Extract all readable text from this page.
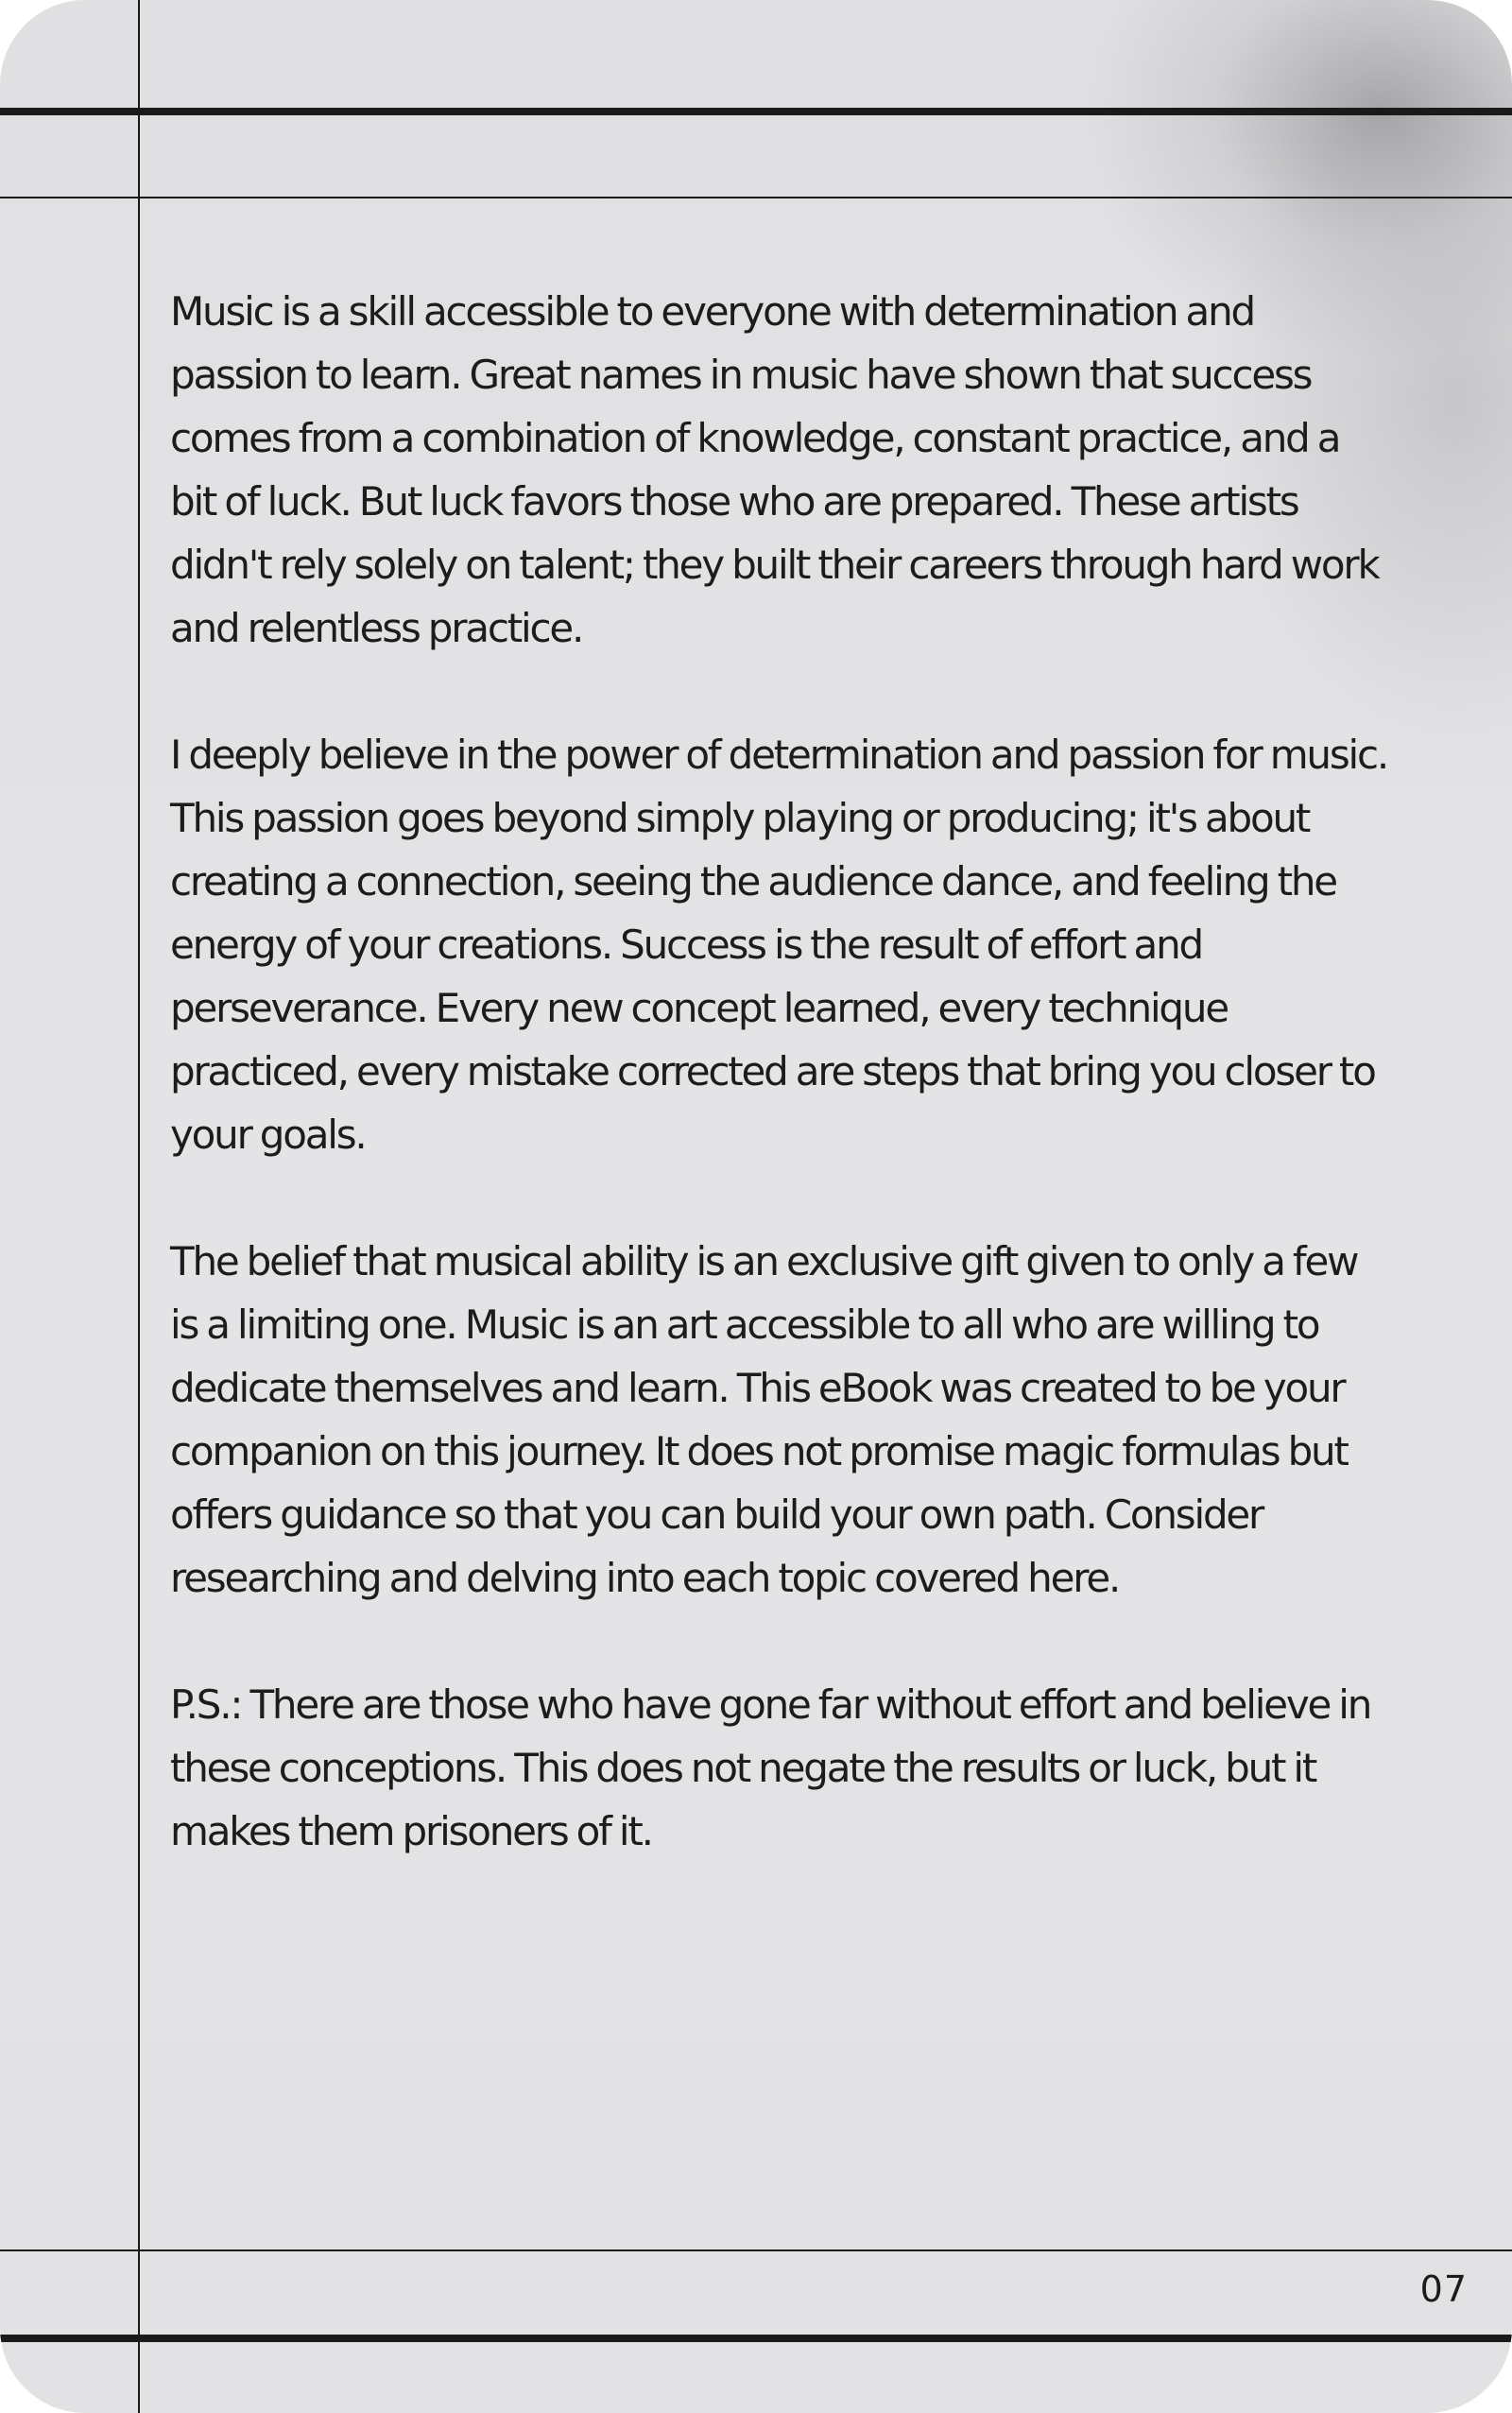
Music is a skill accessible to everyone with determination and passion to learn. Great names in music have shown that success comes from a combination of knowledge, constant practice, and a bit of luck. But luck favors those who are prepared. These artists didn't rely solely on talent; they built their careers through hard work and relentless practice.

I deeply believe in the power of determination and passion for music. This passion goes beyond simply playing or producing; it's about creating a connection, seeing the audience dance, and feeling the energy of your creations. Success is the result of effort and perseverance. Every new concept learned, every technique practiced, every mistake corrected are steps that bring you closer to your goals.

The belief that musical ability is an exclusive gift given to only a few is a limiting one. Music is an art accessible to all who are willing to dedicate themselves and learn. This eBook was created to be your companion on this journey. It does not promise magic formulas but offers guidance so that you can build your own path. Consider researching and delving into each topic covered here.

P.S.: There are those who have gone far without effort and believe in these conceptions. This does not negate the results or luck, but it makes them prisoners of it.

07
